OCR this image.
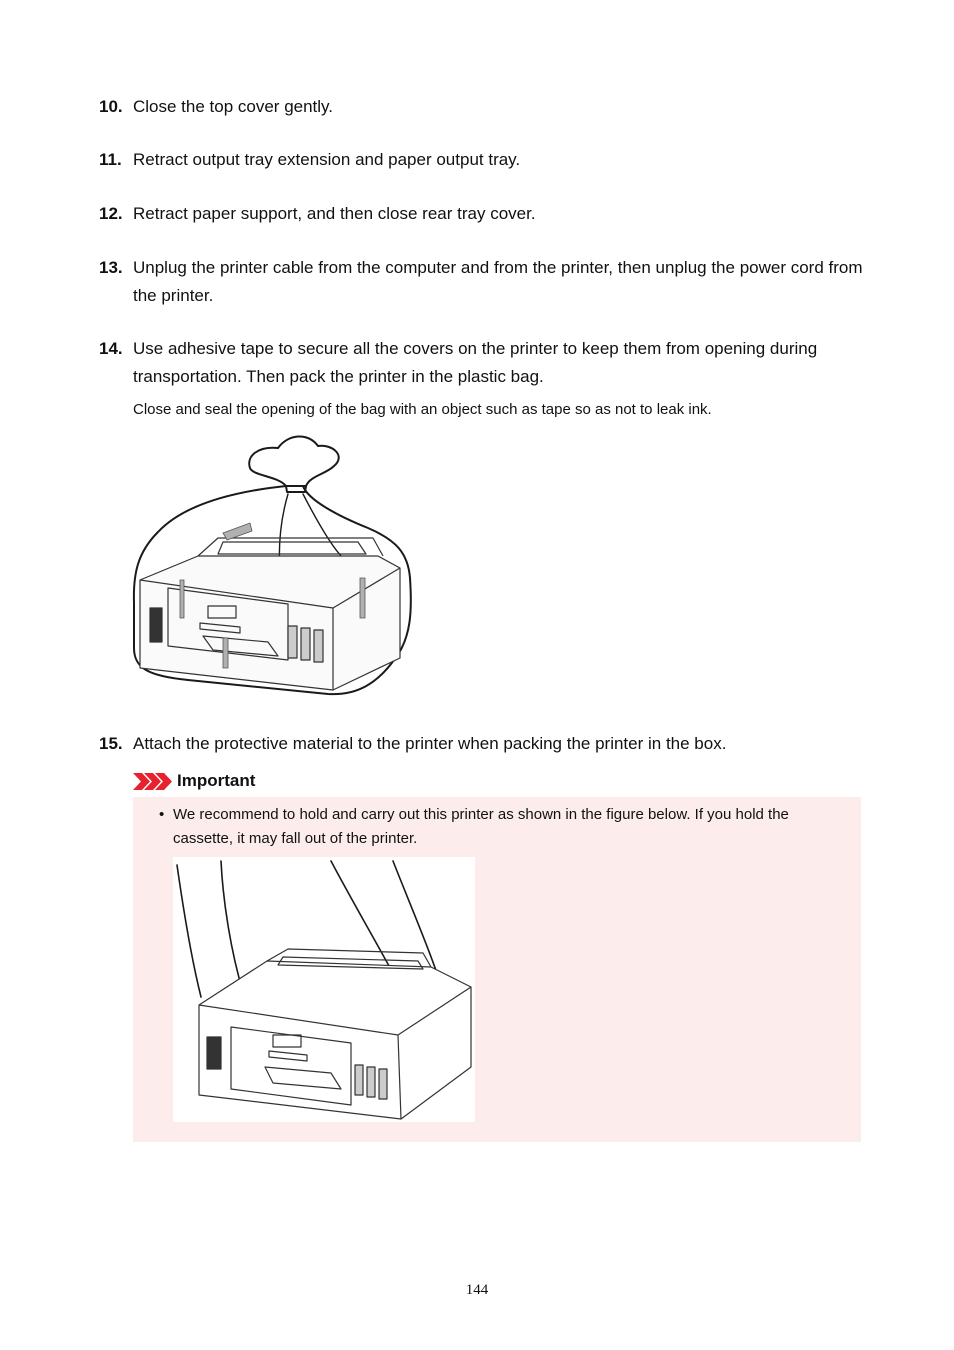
10. Close the top cover gently.
11. Retract output tray extension and paper output tray.
12. Retract paper support, and then close rear tray cover.
13. Unplug the printer cable from the computer and from the printer, then unplug the power cord from the printer.
14. Use adhesive tape to secure all the covers on the printer to keep them from opening during transportation. Then pack the printer in the plastic bag.
Close and seal the opening of the bag with an object such as tape so as not to leak ink.
15. Attach the protective material to the printer when packing the printer in the box.
Important
• We recommend to hold and carry out this printer as shown in the figure below. If you hold the cassette, it may fall out of the printer.
144
